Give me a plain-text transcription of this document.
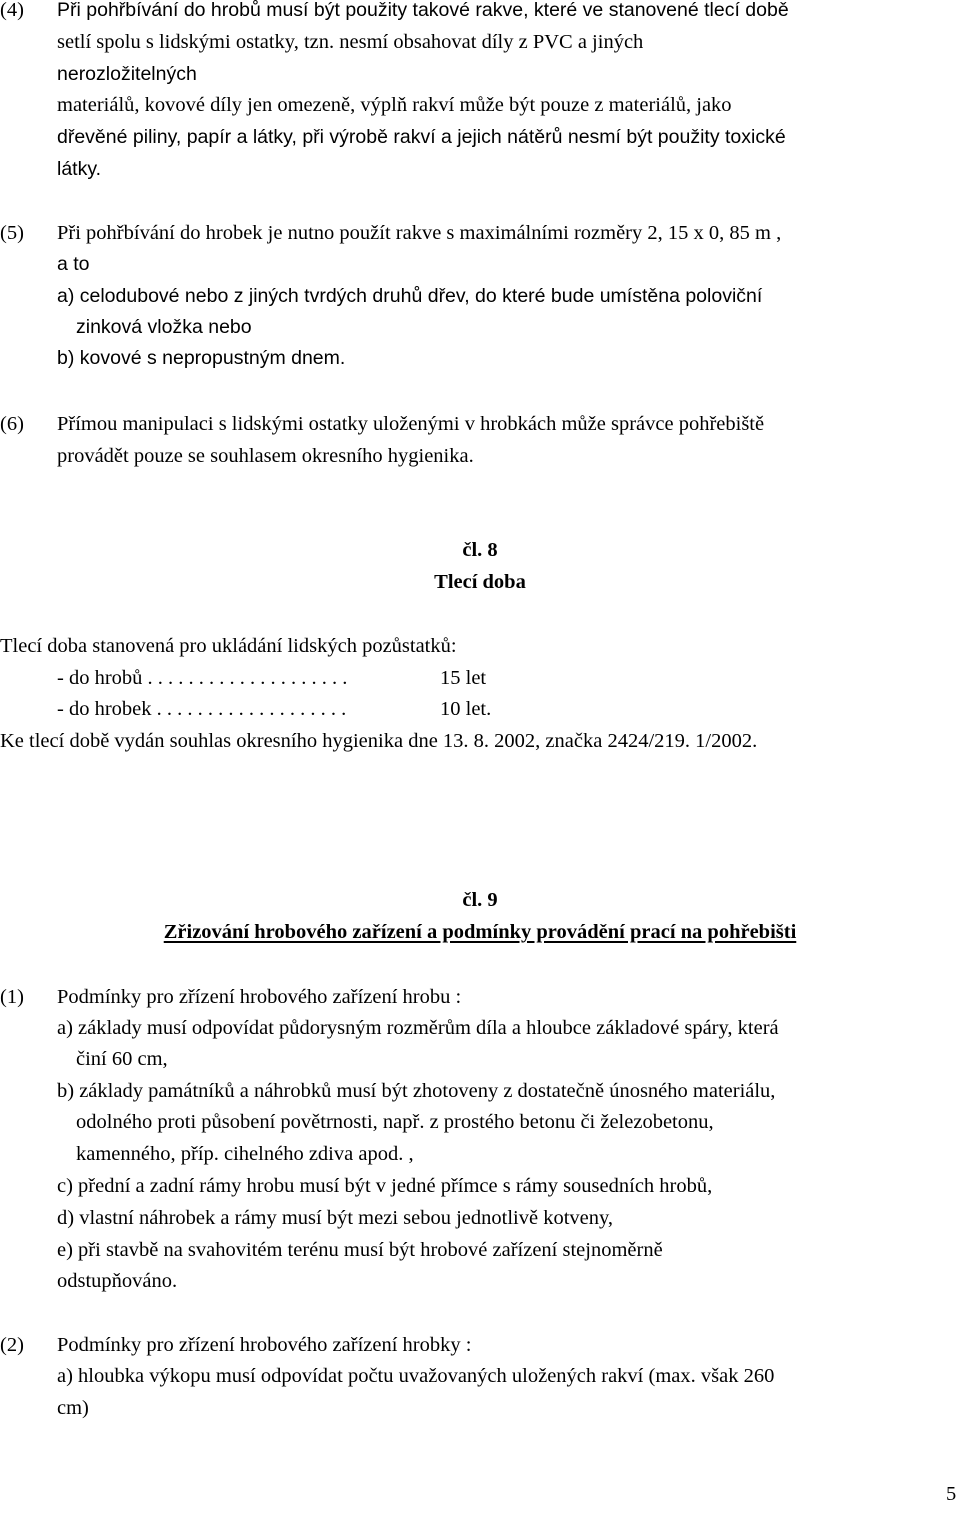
(4) Při pohřbívání do hrobů musí být použity takové rakve, které ve stanovené tlecí době
setlí spolu s lidskými ostatky, tzn. nesmí obsahovat díly z PVC a jiných
nerozložitelných
materiálů, kovové díly jen omezeně, výplň rakví může být pouze z materiálů, jako
dřevěné piliny, papír a látky, při výrobě rakví a jejich nátěrů nesmí být použity toxické
látky.
(5) Při pohřbívání do hrobek je nutno použít rakve s maximálními rozměry 2, 15 x 0, 85 m ,
a to
a) celodubové nebo z jiných tvrdých druhů dřev, do které bude umístěna poloviční
zinková vložka nebo
b) kovové s nepropustným dnem.
(6) Přímou manipulaci s lidskými ostatky uloženými v hrobkách může správce pohřebiště
provádět pouze se souhlasem okresního hygienika.
čl. 8
Tlecí doba
Tlecí doba stanovená pro ukládání lidských pozůstatků:
- do hrobů . . . . . . . . . . . . . . . . . . . .	15 let
- do hrobek . . . . . . . . . . . . . . . . . . .	10 let.
Ke tlecí době vydán souhlas okresního hygienika dne 13. 8. 2002, značka 2424/219. 1/2002.
čl. 9
Zřizování hrobového zařízení a podmínky provádění prací na pohřebišti
(1) Podmínky pro zřízení hrobového zařízení hrobu :
a) základy musí odpovídat půdorysným rozměrům díla a hloubce základové spáry, která
činí 60 cm,
b) základy památníků a náhrobků musí být zhotoveny z dostatečně únosného materiálu,
odolného proti působení povětrnosti, např. z prostého betonu či železobetonu,
kamenného, příp. cihelného zdiva apod. ,
c) přední a zadní rámy hrobu musí být v jedné přímce s rámy sousedních hrobů,
d) vlastní náhrobek a rámy musí být mezi sebou jednotlivě kotveny,
e) při stavbě na svahovitém terénu musí být hrobové zařízení stejnoměrně
odstupňováno.
(2) Podmínky pro zřízení hrobového zařízení hrobky :
a) hloubka výkopu musí odpovídat počtu uvažovaných uložených rakví (max. však 260
cm)
5
